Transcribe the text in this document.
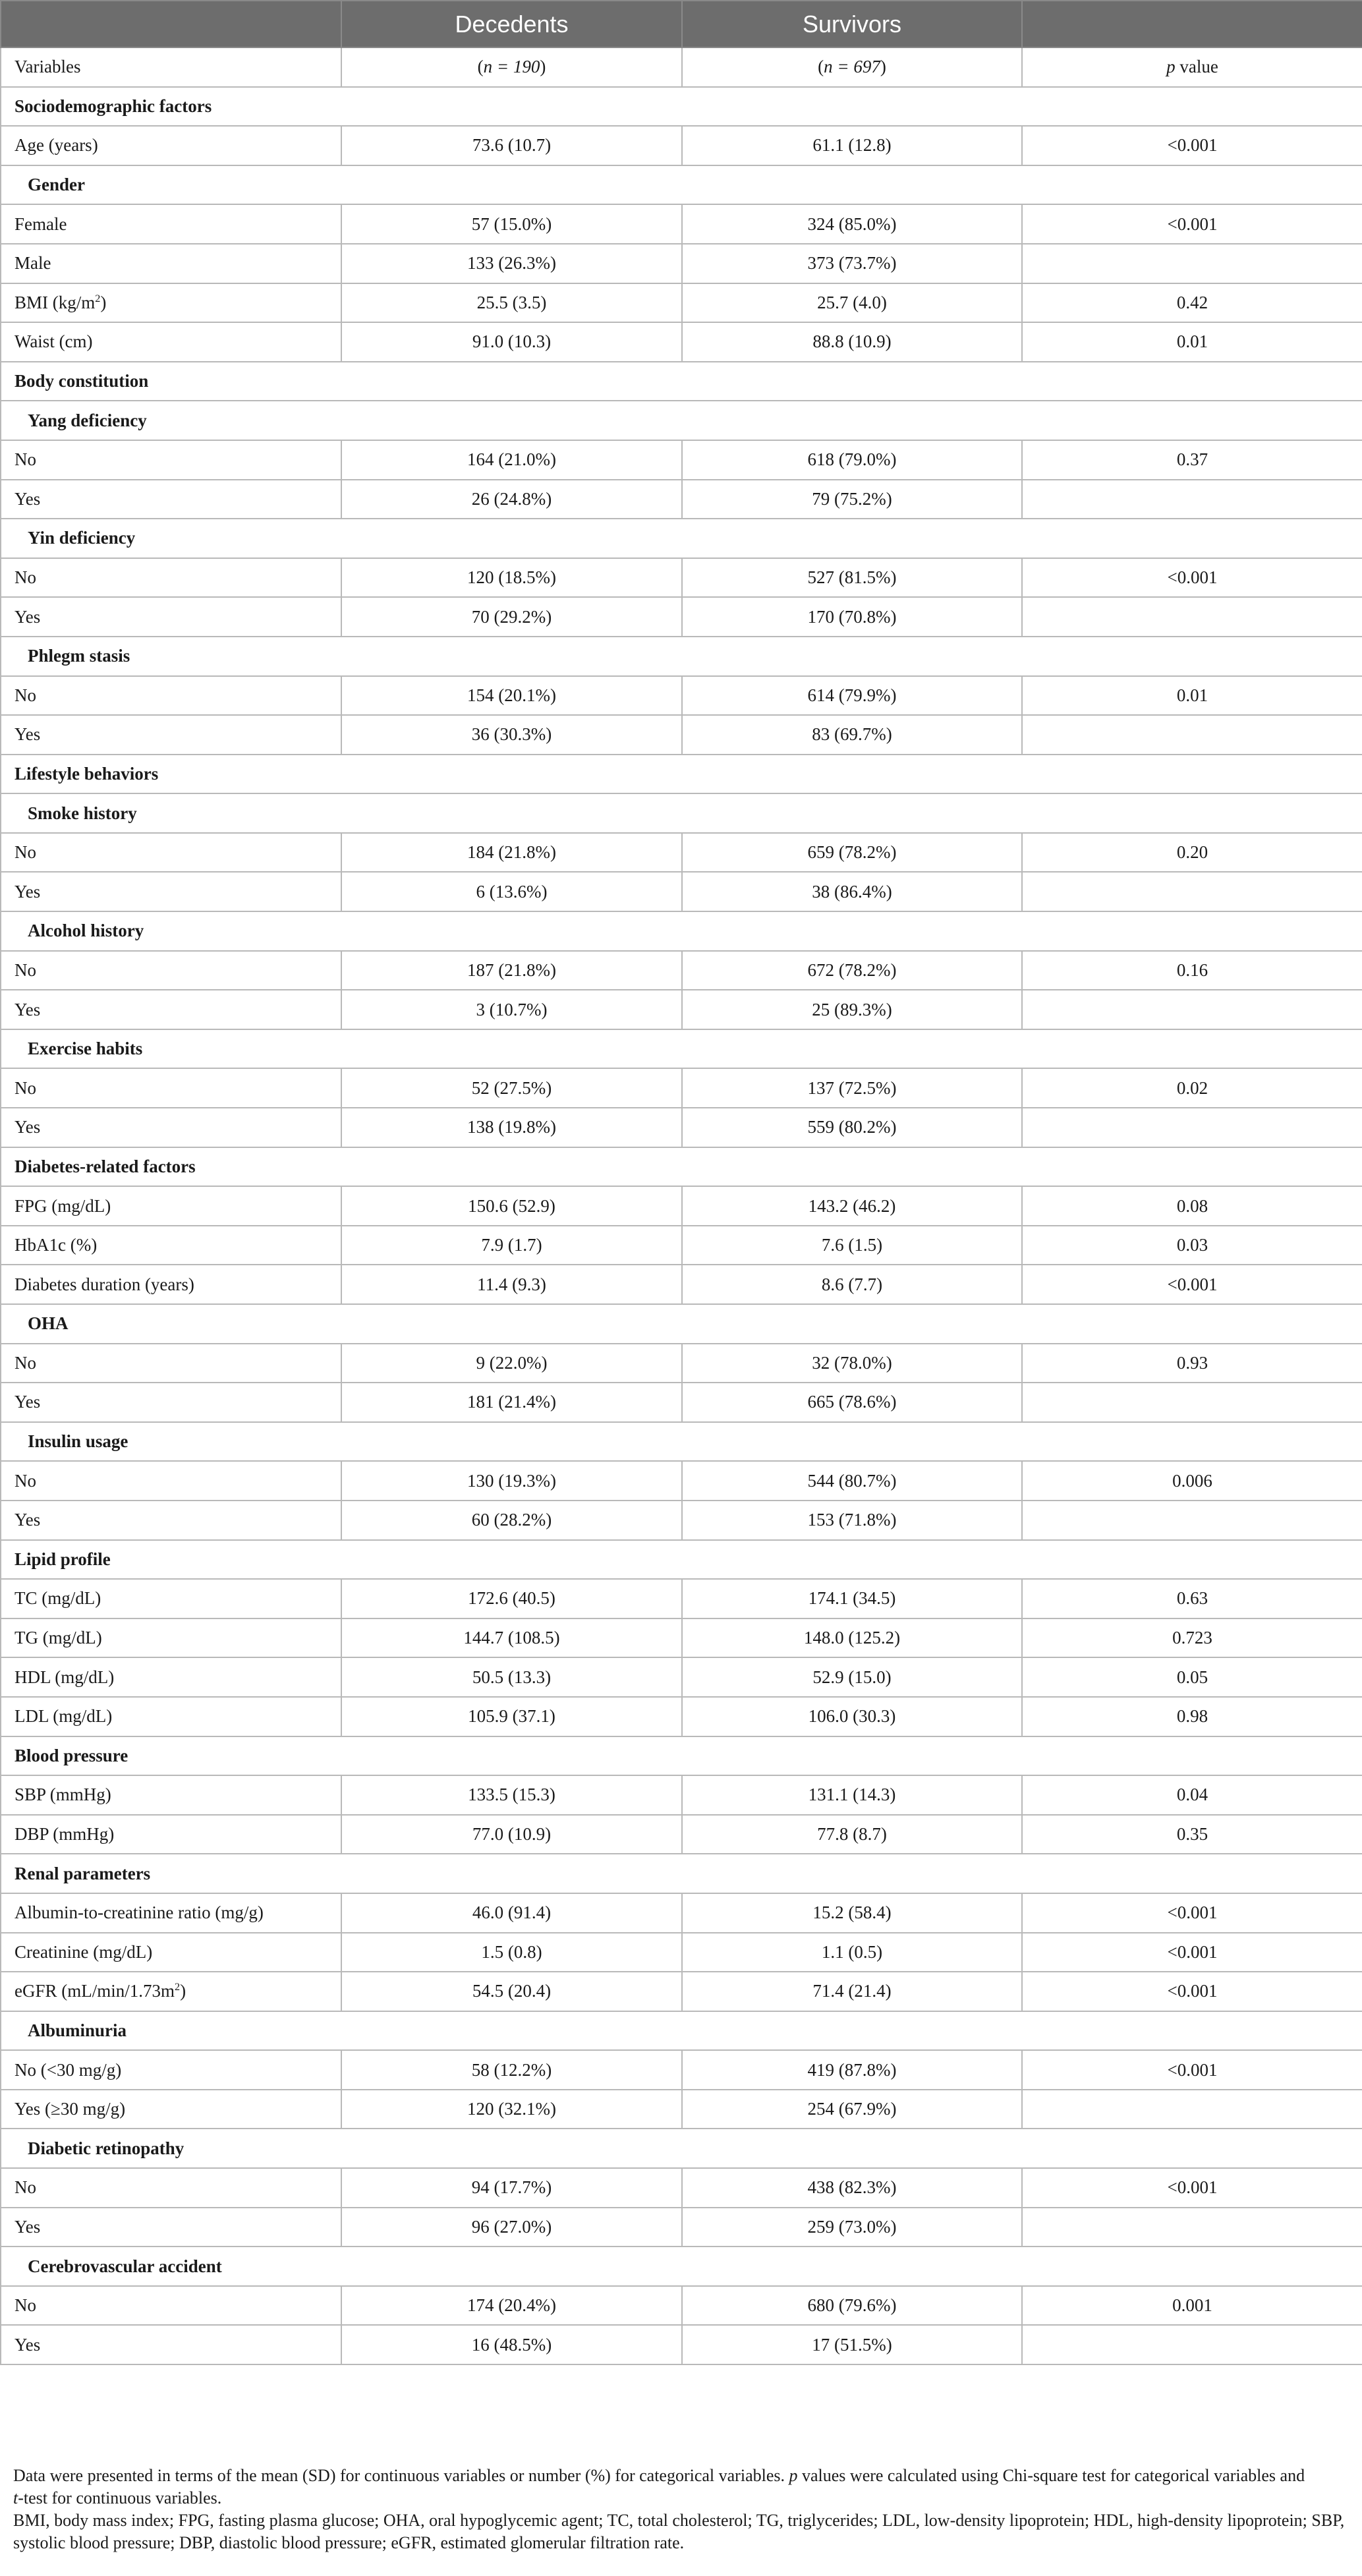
	Decedents	Survivors	
Variables	(n = 190)	(n = 697)	p value
Sociodemographic factors			
Age (years)	73.6 (10.7)	61.1 (12.8)	<0.001
Gender			
Female	57 (15.0%)	324 (85.0%)	<0.001
Male	133 (26.3%)	373 (73.7%)	
BMI $(kg/m^2)$	25.5 (3.5)	25.7 (4.0)	0.42
Waist (cm)	91.0 (10.3)	88.8 (10.9)	0.01
Body constitution			
Yang deficiency			
No	164 (21.0%)	618 (79.0%)	0.37
Yes	26 (24.8%)	79 (75.2%)	
Yin deficiency			
No	120 (18.5%)	527 (81.5%)	<0.001
Yes	70 (29.2%)	170 (70.8%)	
Phlegm stasis			
No	154 (20.1%)	614 (79.9%)	0.01
Yes	36 (30.3%)	83 (69.7%)	
Lifestyle behaviors			
Smoke history			
No	184 (21.8%)	659 (78.2%)	0.20
Yes	6 (13.6%)	38 (86.4%)	
Alcohol history			
No	187 (21.8%)	672 (78.2%)	0.16
Yes	3 (10.7%)	25 (89.3%)	
Exercise habits			
No	52 (27.5%)	137 (72.5%)	0.02
Yes	138 (19.8%)	559 (80.2%)	
Diabetes-related factors			
FPG (mg/dL)	150.6 (52.9)	143.2 (46.2)	0.08
HbA1c (%)	7.9 (1.7)	7.6 (1.5)	0.03
Diabetes duration (years)	11.4 (9.3)	8.6 (7.7)	<0.001
OHA			
No	9 (22.0%)	32 (78.0%)	0.93
Yes	181 (21.4%)	665 (78.6%)	
Insulin usage			
No	130 (19.3%)	544 (80.7%)	0.006
Yes	60 (28.2%)	153 (71.8%)	
Lipid profile			
TC (mg/dL)	172.6 (40.5)	174.1 (34.5)	0.63
TG (mg/dL)	144.7 (108.5)	148.0 (125.2)	0.723
HDL (mg/dL)	50.5 (13.3)	52.9 (15.0)	0.05
LDL (mg/dL)	105.9 (37.1)	106.0 (30.3)	0.98
Blood pressure			
SBP (mmHg)	133.5 (15.3)	131.1 (14.3)	0.04
DBP (mmHg)	77.0 (10.9)	77.8 (8.7)	0.35
Renal parameters			
Albumin-to-creatinine ratio (mg/g)	46.0 (91.4)	15.2 (58.4)	<0.001
Creatinine (mg/dL)	1.5 (0.8)	1.1 (0.5)	<0.001
eGFR $(mL/\min/1.73m^2)$	54.5 (20.4)	71.4 (21.4)	<0.001
Albuminuria			
No (<30 mg/g)	58 (12.2%)	419 (87.8%)	<0.001
Yes (≥30 mg/g)	120 (32.1%)	254 (67.9%)	
Diabetic retinopathy			
No	94 (17.7%)	438 (82.3%)	<0.001
Yes	96 (27.0%)	259 (73.0%)	
Cerebrovascular accident			
No	174 (20.4%)	680 (79.6%)	0.001
Yes	16 (48.5%)	17 (51.5%)	

Data were presented in terms of the mean (SD) for continuous variables or number (%) for categorical variables. p values were calculated using Chi-square test for categorical variables and
t-test for continuous variables.

BMI, body mass index; FPG, fasting plasma glucose; OHA, oral hypoglycemic agent; TC, total cholesterol; TG, triglycerides; LDL, low-density lipoprotein; HDL, high-density lipoprotein; SBP, systolic blood pressure; DBP, diastolic blood pressure; eGFR, estimated glomerular filtration rate.
